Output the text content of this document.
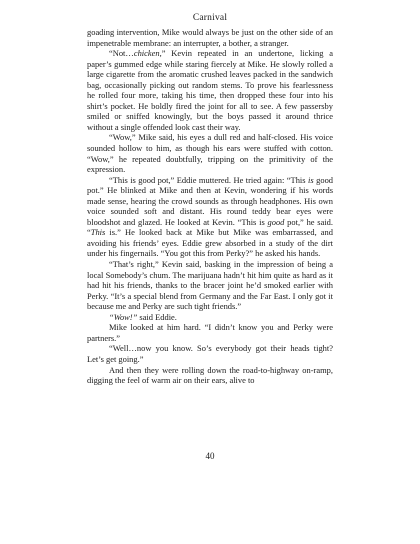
Carnival

goading intervention, Mike would always be just on the other side of an impenetrable membrane: an interrupter, a bother, a stranger.

“Not…chicken,” Kevin repeated in an undertone, licking a paper’s gummed edge while staring fiercely at Mike. He slowly rolled a large cigarette from the aromatic crushed leaves packed in the sandwich bag, occasionally picking out random stems. To prove his fearlessness he rolled four more, taking his time, then dropped these four into his shirt’s pocket. He boldly fired the joint for all to see. A few passersby smiled or sniffed knowingly, but the boys passed it around thrice without a single offended look cast their way.

“Wow,” Mike said, his eyes a dull red and half-closed. His voice sounded hollow to him, as though his ears were stuffed with cotton. “Wow,” he repeated doubtfully, tripping on the primitivity of the expression.

“This is good pot,” Eddie muttered. He tried again: “This is good pot.” He blinked at Mike and then at Kevin, wondering if his words made sense, hearing the crowd sounds as through headphones. His own voice sounded soft and distant. His round teddy bear eyes were bloodshot and glazed. He looked at Kevin. “This is good pot,” he said. “This is.” He looked back at Mike but Mike was embarrassed, and avoiding his friends’ eyes. Eddie grew absorbed in a study of the dirt under his fingernails. “You got this from Perky?” he asked his hands.

“That’s right,” Kevin said, basking in the impression of being a local Somebody’s chum. The marijuana hadn’t hit him quite as hard as it had hit his friends, thanks to the bracer joint he’d smoked earlier with Perky. “It’s a special blend from Germany and the Far East. I only got it because me and Perky are such tight friends.”

“Wow!” said Eddie.

Mike looked at him hard. “I didn’t know you and Perky were partners.”

“Well…now you know. So’s everybody got their heads tight? Let’s get going.”

And then they were rolling down the road-to-highway on-ramp, digging the feel of warm air on their ears, alive to

40
